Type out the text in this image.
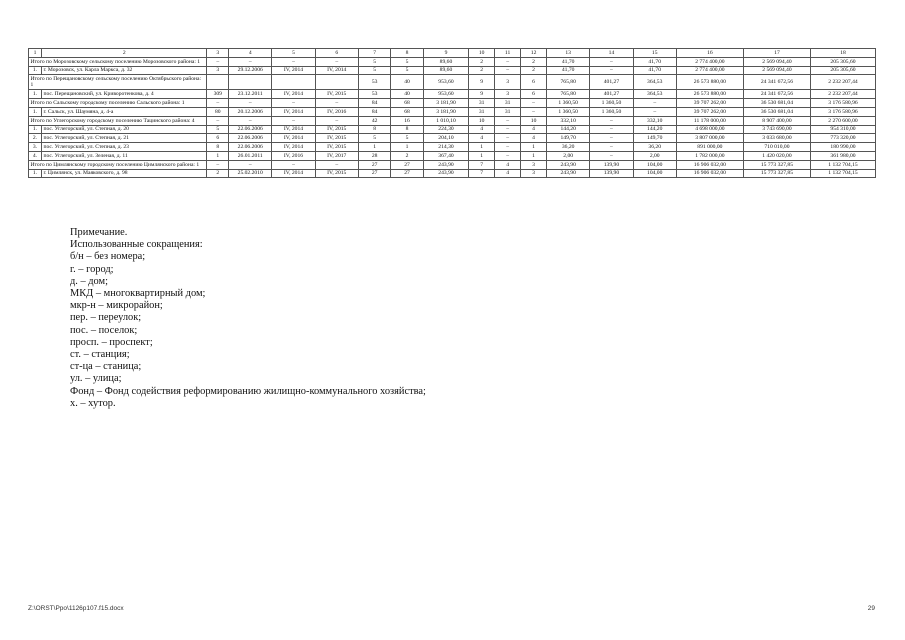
1	2	3	4	5	6	7	8	9	10	11	12	13	14	15	16	17	18
Итого по Морозовскому сельскому поселению Морозовского района: 1		–	–	–	–	5	5	89,60	2	–	2	41,70	–	41,70	2 774 400,00	2 569 094,40	205 305,60
1.	г. Морозовск, ул. Карла Маркса, д. 32	3	29.12.2006	IV, 2014	IV, 2014	5	5	89,60	2	–	2	41,70	–	41,70	2 774 400,00	2 569 094,40	205 305,60
Итого по Перещановскому сельскому поселению Октябрьского района: 1						53	40	953,60	9	3	6	765,80	401,27	364,53	26 573 880,00	24 341 672,56	2 232 207,44
1.	пос. Перещановский, ул. Криворотенкова, д. 4	309	23.12.2011	IV, 2014	IV, 2015	53	40	953,60	9	3	6	765,80	401,27	364,53	26 573 880,00	24 341 672,56	2 232 207,44
Итого по Сальскому городскому поселению Сальского района: 1		–	–	–	–	84	68	3 181,90	31	31	–	1 360,50	1 360,50	–	39 707 262,00	36 530 681,04	3 176 580,96
1.	г. Сальск, ул. Шаумяна, д. 4-а	80	20.12.2006	IV, 2014	IV, 2016	84	68	3 181,90	31	31	–	1 360,50	1 360,50	–	39 707 262,00	36 530 681,04	3 176 580,96
Итого по Углегорскому городскому поселению Тацинского района: 4		–	–	–	–	42	16	1 010,10	10	–	10	332,10	–	332,10	11 178 000,00	8 907 400,00	2 270 600,00
1.	пос. Углегорский, ул. Степная, д. 20	5	22.06.2006	IV, 2014	IV, 2015	8	8	224,30	4	–	4	144,20	–	144,20	4 698 000,00	3 743 690,00	954 310,00
2.	пос. Углегорский, ул. Степная, д. 21	6	22.06.2006	IV, 2014	IV, 2015	5	5	204,10	4	–	4	149,70	–	149,70	3 807 000,00	3 033 680,00	773 320,00
3.	пос. Углегорский, ул. Степная, д. 23	8	22.06.2006	IV, 2014	IV, 2015	1	1	214,30	1	–	1	36,20	–	36,20	891 000,00	710 010,00	180 990,00
4.	пос. Углегорский, ул. Зеленая, д. 11	1	26.01.2011	IV, 2016	IV, 2017	28	2	367,40	1	–	1	2,00	–	2,00	1 782 000,00	1 420 020,00	361 980,00
Итого по Цимлянскому городскому поселению Цимлянского района: 1		–	–	–	–	27	27	243,90	7	4	3	243,90	139,90	104,00	16 906 032,00	15 773 327,85	1 132 704,15
1.	г. Цимлянск, ул. Маяковского, д. 98	2	25.02.2010	IV, 2014	IV, 2015	27	27	243,90	7	4	3	243,90	139,90	104,00	16 906 032,00	15 773 327,85	1 132 704,15
Примечание.
Использованные сокращения:
б/н – без номера;
г. – город;
д. – дом;
МКД – многоквартирный дом;
мкр-н – микрорайон;
пер. – переулок;
пос. – поселок;
просп. – проспект;
ст. – станция;
ст-ца – станица;
ул. – улица;
Фонд – Фонд содействия реформированию жилищно-коммунального хозяйства;
х. – хутор.
Z:\ORST\Ppo\1126p107.f15.docx	29
